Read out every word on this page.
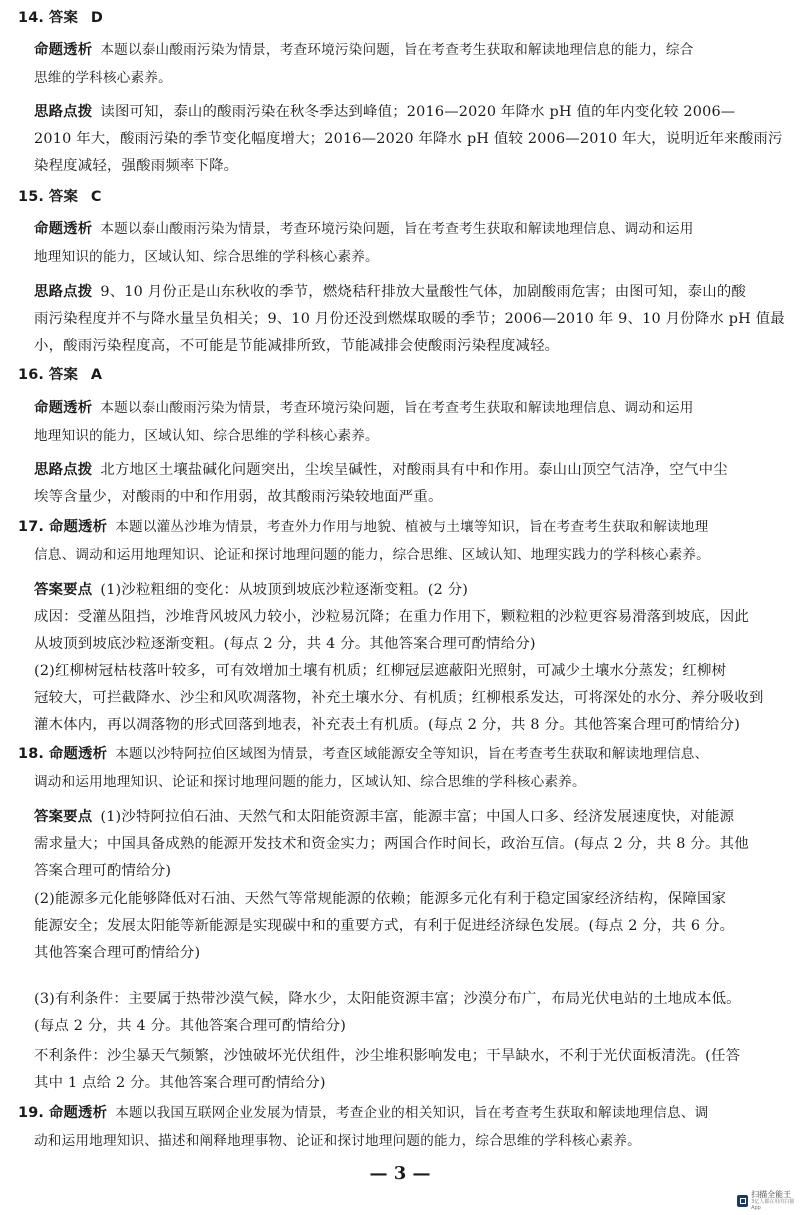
14. 答案 D
命题透析 本题以泰山酸雨污染为情景，考查环境污染问题，旨在考查考生获取和解读地理信息的能力，综合
思维的学科核心素养。
思路点拨 读图可知，泰山的酸雨污染在秋冬季达到峰值；2016—2020 年降水 pH 值的年内变化较 2006—
2010 年大，酸雨污染的季节变化幅度增大；2016—2020 年降水 pH 值较 2006—2010 年大，说明近年来酸雨污
染程度减轻，强酸雨频率下降。
15. 答案 C
命题透析 本题以泰山酸雨污染为情景，考查环境污染问题，旨在考查考生获取和解读地理信息、调动和运用
地理知识的能力，区域认知、综合思维的学科核心素养。
思路点拨 9、10 月份正是山东秋收的季节，燃烧秸秆排放大量酸性气体，加剧酸雨危害；由图可知，泰山的酸
雨污染程度并不与降水量呈负相关；9、10 月份还没到燃煤取暖的季节；2006—2010 年 9、10 月份降水 pH 值最
小，酸雨污染程度高，不可能是节能减排所致，节能减排会使酸雨污染程度减轻。
16. 答案 A
命题透析 本题以泰山酸雨污染为情景，考查环境污染问题，旨在考查考生获取和解读地理信息、调动和运用
地理知识的能力，区域认知、综合思维的学科核心素养。
思路点拨 北方地区土壤盐碱化问题突出，尘埃呈碱性，对酸雨具有中和作用。泰山山顶空气洁净，空气中尘
埃等含量少，对酸雨的中和作用弱，故其酸雨污染较地面严重。
17. 命题透析 本题以灌丛沙堆为情景，考查外力作用与地貌、植被与土壤等知识，旨在考查考生获取和解读地理
信息、调动和运用地理知识、论证和探讨地理问题的能力，综合思维、区域认知、地理实践力的学科核心素养。
答案要点 (1)沙粒粗细的变化：从坡顶到坡底沙粒逐渐变粗。(2 分)
成因：受灌丛阻挡，沙堆背风坡风力较小，沙粒易沉降；在重力作用下，颗粒粗的沙粒更容易滑落到坡底，因此
从坡顶到坡底沙粒逐渐变粗。(每点 2 分，共 4 分。其他答案合理可酌情给分)
(2)红柳树冠枯枝落叶较多，可有效增加土壤有机质；红柳冠层遮蔽阳光照射，可减少土壤水分蒸发；红柳树
冠较大，可拦截降水、沙尘和风吹凋落物，补充土壤水分、有机质；红柳根系发达，可将深处的水分、养分吸收到
灌木体内，再以凋落物的形式回落到地表，补充表土有机质。(每点 2 分，共 8 分。其他答案合理可酌情给分)
18. 命题透析 本题以沙特阿拉伯区域图为情景，考查区域能源安全等知识，旨在考查考生获取和解读地理信息、
调动和运用地理知识、论证和探讨地理问题的能力，区域认知、综合思维的学科核心素养。
答案要点 (1)沙特阿拉伯石油、天然气和太阳能资源丰富，能源丰富；中国人口多、经济发展速度快，对能源
需求量大；中国具备成熟的能源开发技术和资金实力；两国合作时间长，政治互信。(每点 2 分，共 8 分。其他
答案合理可酌情给分)
(2)能源多元化能够降低对石油、天然气等常规能源的依赖；能源多元化有利于稳定国家经济结构，保障国家
能源安全；发展太阳能等新能源是实现碳中和的重要方式，有利于促进经济绿色发展。(每点 2 分，共 6 分。
其他答案合理可酌情给分)
(3)有利条件：主要属于热带沙漠气候，降水少，太阳能资源丰富；沙漠分布广，布局光伏电站的土地成本低。
(每点 2 分，共 4 分。其他答案合理可酌情给分)
不利条件：沙尘暴天气频繁，沙蚀破坏光伏组件，沙尘堆积影响发电；干旱缺水，不利于光伏面板清洗。(任答
其中 1 点给 2 分。其他答案合理可酌情给分)
19. 命题透析 本题以我国互联网企业发展为情景，考查企业的相关知识，旨在考查考生获取和解读地理信息、调
动和运用地理知识、描述和阐释地理事物、论证和探讨地理问题的能力，综合思维的学科核心素养。
— 3 —
扫描全能王
3亿人都在用的扫描App
